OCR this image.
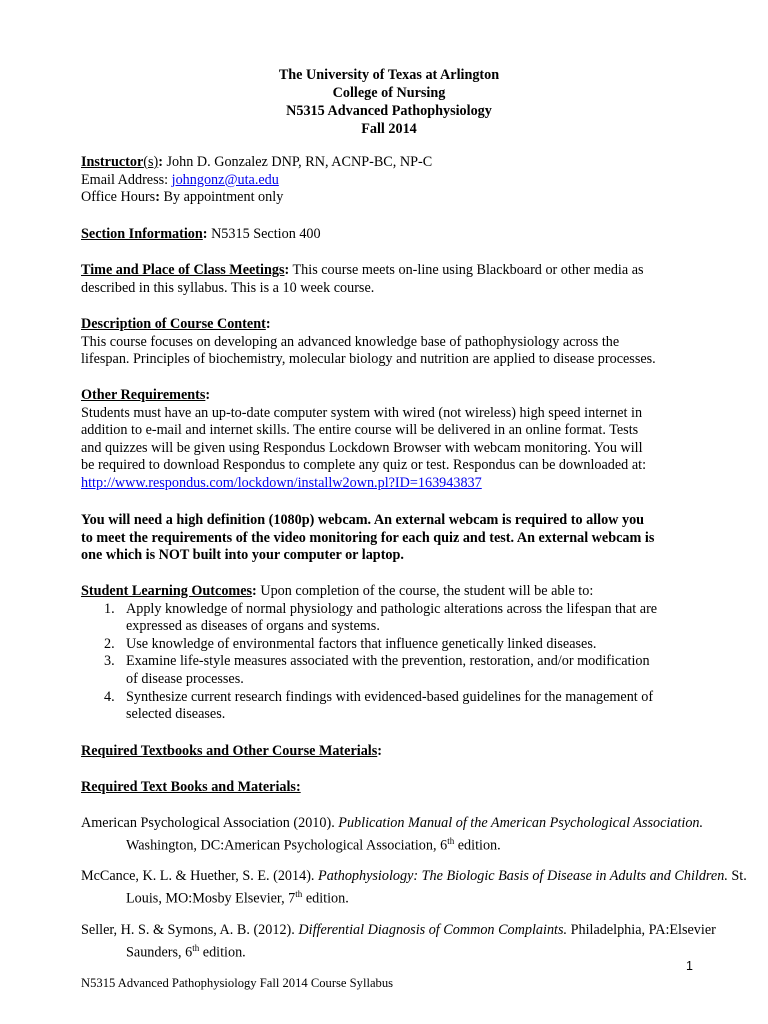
The University of Texas at Arlington
College of Nursing
N5315 Advanced Pathophysiology
Fall 2014
Instructor(s): John D. Gonzalez DNP, RN, ACNP-BC, NP-C
Email Address: johngonz@uta.edu
Office Hours: By appointment only
Section Information: N5315 Section 400
Time and Place of Class Meetings: This course meets on-line using Blackboard or other media as
described in this syllabus. This is a 10 week course.
Description of Course Content:
This course focuses on developing an advanced knowledge base of pathophysiology across the
lifespan. Principles of biochemistry, molecular biology and nutrition are applied to disease processes.
Other Requirements:
Students must have an up-to-date computer system with wired (not wireless) high speed internet in
addition to e-mail and internet skills. The entire course will be delivered in an online format. Tests
and quizzes will be given using Respondus Lockdown Browser with webcam monitoring. You will
be required to download Respondus to complete any quiz or test. Respondus can be downloaded at:
http://www.respondus.com/lockdown/installw2own.pl?ID=163943837
You will need a high definition (1080p) webcam. An external webcam is required to allow you
to meet the requirements of the video monitoring for each quiz and test. An external webcam is
one which is NOT built into your computer or laptop.
Student Learning Outcomes: Upon completion of the course, the student will be able to:
1. Apply knowledge of normal physiology and pathologic alterations across the lifespan that are
expressed as diseases of organs and systems.
2. Use knowledge of environmental factors that influence genetically linked diseases.
3. Examine life-style measures associated with the prevention, restoration, and/or modification
of disease processes.
4. Synthesize current research findings with evidenced-based guidelines for the management of
selected diseases.
Required Textbooks and Other Course Materials:
Required Text Books and Materials:
American Psychological Association (2010). Publication Manual of the American Psychological Association. Washington, DC:American Psychological Association, 6th edition.
McCance, K. L. & Huether, S. E. (2014). Pathophysiology: The Biologic Basis of Disease in Adults and Children. St. Louis, MO:Mosby Elsevier, 7th edition.
Seller, H. S. & Symons, A. B. (2012). Differential Diagnosis of Common Complaints. Philadelphia, PA:Elsevier Saunders, 6th edition.
1
N5315 Advanced Pathophysiology Fall 2014 Course Syllabus
